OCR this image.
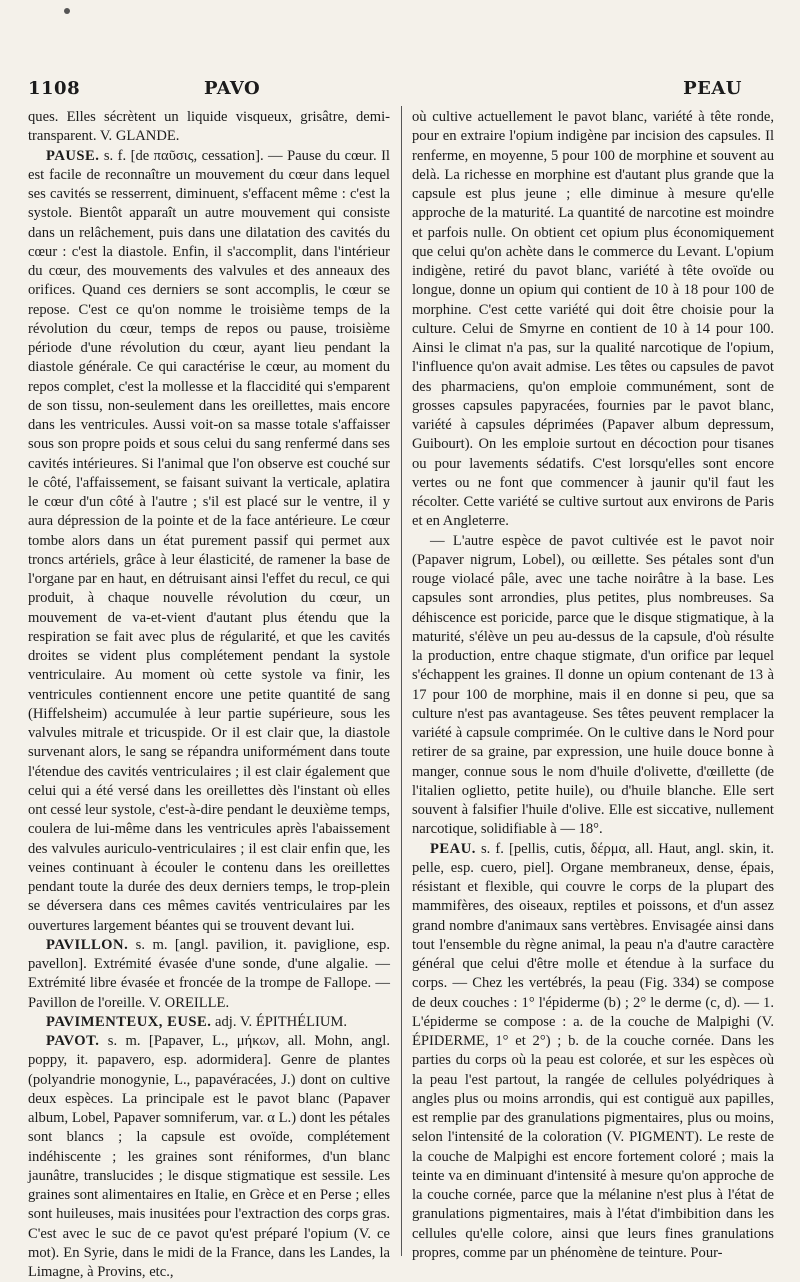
1108	PAVO	PEAU

ques. Elles sécrètent un liquide visqueux, grisâtre, demi-transparent. V. GLANDE.

PAUSE. s. f. [de παῦσις, cessation]. — Pause du cœur. Il est facile de reconnaître un mouvement du cœur dans lequel ses cavités se resserrent, diminuent, s'effacent même : c'est la systole. Bientôt apparaît un autre mouvement qui consiste dans un relâchement, puis dans une dilatation des cavités du cœur : c'est la diastole. Enfin, il s'accomplit, dans l'intérieur du cœur, des mouvements des valvules et des anneaux des orifices. Quand ces derniers se sont accomplis, le cœur se repose. C'est ce qu'on nomme le troisième temps de la révolution du cœur, temps de repos ou pause, troisième période d'une révolution du cœur, ayant lieu pendant la diastole générale. Ce qui caractérise le cœur, au moment du repos complet, c'est la mollesse et la flaccidité qui s'emparent de son tissu, non-seulement dans les oreillettes, mais encore dans les ventricules. Aussi voit-on sa masse totale s'affaisser sous son propre poids et sous celui du sang renfermé dans ses cavités intérieures. Si l'animal que l'on observe est couché sur le côté, l'affaissement, se faisant suivant la verticale, aplatira le cœur d'un côté à l'autre ; s'il est placé sur le ventre, il y aura dépression de la pointe et de la face antérieure. Le cœur tombe alors dans un état purement passif qui permet aux troncs artériels, grâce à leur élasticité, de ramener la base de l'organe par en haut, en détruisant ainsi l'effet du recul, ce qui produit, à chaque nouvelle révolution du cœur, un mouvement de va-et-vient d'autant plus étendu que la respiration se fait avec plus de régularité, et que les cavités droites se vident plus complétement pendant la systole ventriculaire. Au moment où cette systole va finir, les ventricules contiennent encore une petite quantité de sang (Hiffelsheim) accumulée à leur partie supérieure, sous les valvules mitrale et tricuspide. Or il est clair que, la diastole survenant alors, le sang se répandra uniformément dans toute l'étendue des cavités ventriculaires ; il est clair également que celui qui a été versé dans les oreillettes dès l'instant où elles ont cessé leur systole, c'est-à-dire pendant le deuxième temps, coulera de lui-même dans les ventricules après l'abaissement des valvules auriculo-ventriculaires ; il est clair enfin que, les veines continuant à écouler le contenu dans les oreillettes pendant toute la durée des deux derniers temps, le trop-plein se déversera dans ces mêmes cavités ventriculaires par les ouvertures largement béantes qui se trouvent devant lui.

PAVILLON. s. m. [angl. pavilion, it. paviglione, esp. pavellon]. Extrémité évasée d'une sonde, d'une algalie. — Extrémité libre évasée et froncée de la trompe de Fallope. — Pavillon de l'oreille. V. OREILLE.

PAVIMENTEUX, EUSE. adj. V. ÉPITHÉLIUM.

PAVOT. s. m. [Papaver, L., μήκων, all. Mohn, angl. poppy, it. papavero, esp. adormidera]. Genre de plantes (polyandrie monogynie, L., papavéracées, J.) dont on cultive deux espèces. La principale est le pavot blanc (Papaver album, Lobel, Papaver somniferum, var. α L.) dont les pétales sont blancs ; la capsule est ovoïde, complétement indéhiscente ; les graines sont réniformes, d'un blanc jaunâtre, translucides ; le disque stigmatique est sessile. Les graines sont alimentaires en Italie, en Grèce et en Perse ; elles sont huileuses, mais inusitées pour l'extraction des corps gras. C'est avec le suc de ce pavot qu'est préparé l'opium (V. ce mot). En Syrie, dans le midi de la France, dans les Landes, la Limagne, à Provins, etc.,

où cultive actuellement le pavot blanc, variété à tête ronde, pour en extraire l'opium indigène par incision des capsules. Il renferme, en moyenne, 5 pour 100 de morphine et souvent au delà. La richesse en morphine est d'autant plus grande que la capsule est plus jeune ; elle diminue à mesure qu'elle approche de la maturité. La quantité de narcotine est moindre et parfois nulle. On obtient cet opium plus économiquement que celui qu'on achète dans le commerce du Levant. L'opium indigène, retiré du pavot blanc, variété à tête ovoïde ou longue, donne un opium qui contient de 10 à 18 pour 100 de morphine. C'est cette variété qui doit être choisie pour la culture. Celui de Smyrne en contient de 10 à 14 pour 100. Ainsi le climat n'a pas, sur la qualité narcotique de l'opium, l'influence qu'on avait admise. Les têtes ou capsules de pavot des pharmaciens, qu'on emploie communément, sont de grosses capsules papyracées, fournies par le pavot blanc, variété à capsules déprimées (Papaver album depressum, Guibourt). On les emploie surtout en décoction pour tisanes ou pour lavements sédatifs. C'est lorsqu'elles sont encore vertes ou ne font que commencer à jaunir qu'il faut les récolter. Cette variété se cultive surtout aux environs de Paris et en Angleterre.

— L'autre espèce de pavot cultivée est le pavot noir (Papaver nigrum, Lobel), ou œillette. Ses pétales sont d'un rouge violacé pâle, avec une tache noirâtre à la base. Les capsules sont arrondies, plus petites, plus nombreuses. Sa déhiscence est poricide, parce que le disque stigmatique, à la maturité, s'élève un peu au-dessus de la capsule, d'où résulte la production, entre chaque stigmate, d'un orifice par lequel s'échappent les graines. Il donne un opium contenant de 13 à 17 pour 100 de morphine, mais il en donne si peu, que sa culture n'est pas avantageuse. Ses têtes peuvent remplacer la variété à capsule comprimée. On le cultive dans le Nord pour retirer de sa graine, par expression, une huile douce bonne à manger, connue sous le nom d'huile d'olivette, d'œillette (de l'italien oglietto, petite huile), ou d'huile blanche. Elle sert souvent à falsifier l'huile d'olive. Elle est siccative, nullement narcotique, solidifiable à — 18°.

PEAU. s. f. [pellis, cutis, δέρμα, all. Haut, angl. skin, it. pelle, esp. cuero, piel]. Organe membraneux, dense, épais, résistant et flexible, qui couvre le corps de la plupart des mammifères, des oiseaux, reptiles et poissons, et d'un assez grand nombre d'animaux sans vertèbres. Envisagée ainsi dans tout l'ensemble du règne animal, la peau n'a d'autre caractère général que celui d'être molle et étendue à la surface du corps. — Chez les vertébrés, la peau (Fig. 334) se compose de deux couches : 1° l'épiderme (b) ; 2° le derme (c, d). — 1. L'épiderme se compose : a. de la couche de Malpighi (V. ÉPIDERME, 1° et 2°) ; b. de la couche cornée. Dans les parties du corps où la peau est colorée, et sur les espèces où la peau l'est partout, la rangée de cellules polyédriques à angles plus ou moins arrondis, qui est contiguë aux papilles, est remplie par des granulations pigmentaires, plus ou moins, selon l'intensité de la coloration (V. PIGMENT). Le reste de la couche de Malpighi est encore fortement coloré ; mais la teinte va en diminuant d'intensité à mesure qu'on approche de la couche cornée, parce que la mélanine n'est plus à l'état de granulations pigmentaires, mais à l'état d'imbibition dans les cellules qu'elle colore, ainsi que leurs fines granulations propres, comme par un phénomène de teinture. Pour-
